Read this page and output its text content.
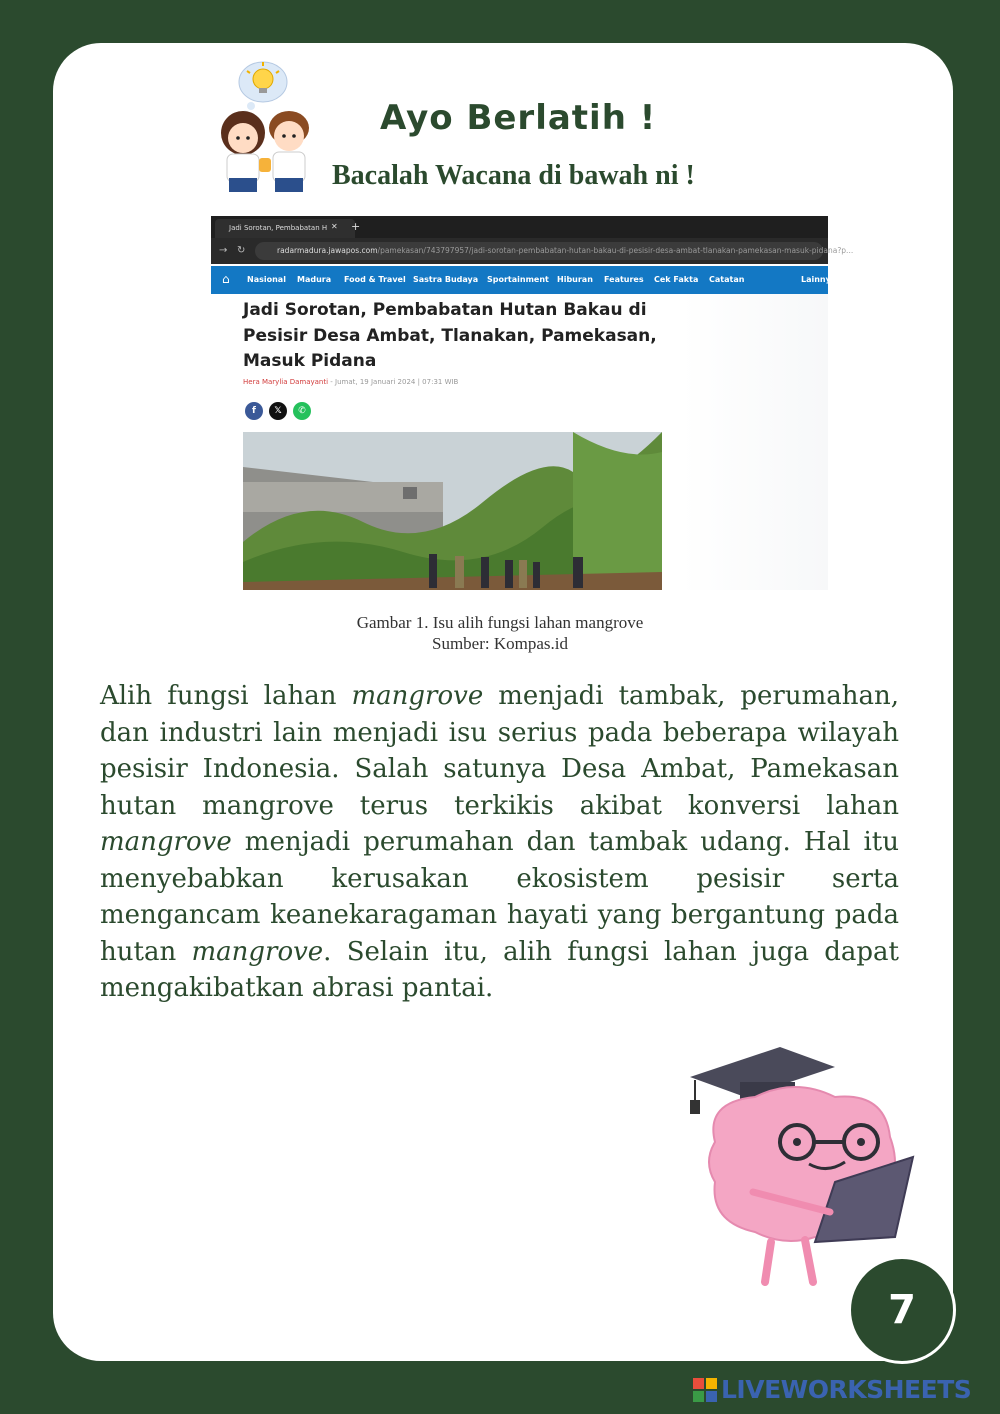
Ayo Berlatih !
Bacalah Wacana di bawah ni !
Jadi Sorotan, Pembabatan H ✕ +
→ ↻	radarmadura.jawapos.com/pamekasan/743797957/jadi-sorotan-pembabatan-hutan-bakau-di-pesisir-desa-ambat-tlanakan-pamekasan-masuk-pidana?p...
⌂ Nasional Madura Food & Travel Sastra Budaya Sportainment Hiburan Features Cek Fakta Catatan	Lainnya
Jadi Sorotan, Pembabatan Hutan Bakau di Pesisir Desa Ambat, Tlanakan, Pamekasan, Masuk Pidana
Hera Marylia Damayanti - Jumat, 19 Januari 2024 | 07:31 WIB
f	𝕏	✆
Gambar 1. Isu alih fungsi lahan mangrove
Sumber: Kompas.id

Alih fungsi lahan mangrove menjadi tambak, perumahan, dan industri lain menjadi isu serius pada beberapa wilayah pesisir Indonesia. Salah satunya Desa Ambat, Pamekasan hutan mangrove terus terkikis akibat konversi lahan mangrove menjadi perumahan dan tambak udang. Hal itu menyebabkan kerusakan ekosistem pesisir serta mengancam keanekaragaman hayati yang bergantung pada hutan mangrove. Selain itu, alih fungsi lahan juga dapat mengakibatkan abrasi pantai.

7
LIVEWORKSHEETS
